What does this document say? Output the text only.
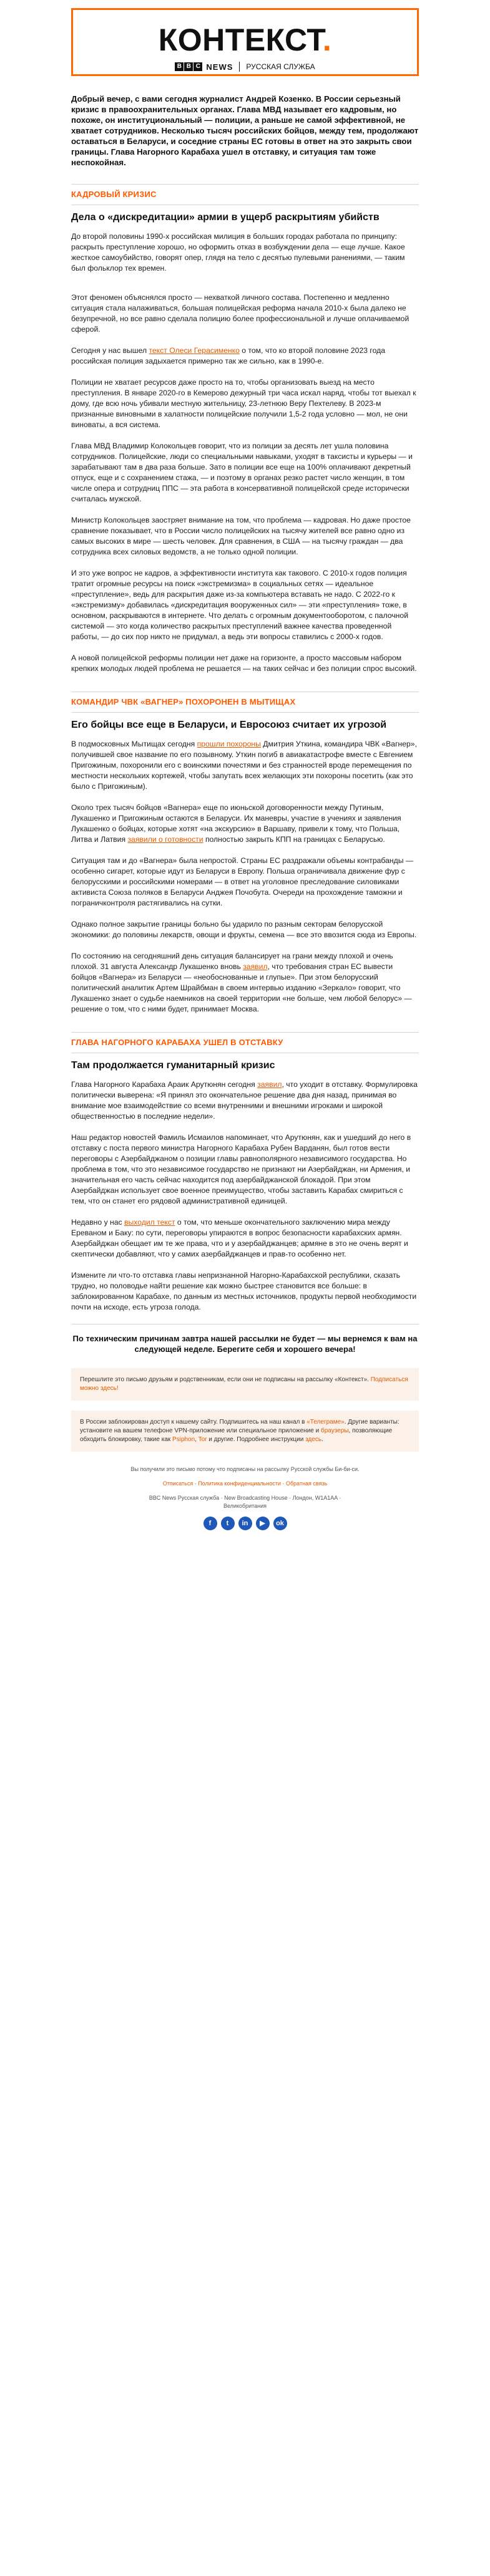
КОНТЕКСТ.
B B C NEWS РУССКАЯ СЛУЖБА
Добрый вечер, с вами сегодня журналист Андрей Козенко. В России серьезный кризис в правоохранительных органах. Глава МВД называет его кадровым, но похоже, он институциональный — полиции, а раньше не самой эффективной, не хватает сотрудников. Несколько тысяч российских бойцов, между тем, продолжают оставаться в Беларуси, и соседние страны ЕС готовы в ответ на это закрыть свои границы. Глава Нагорного Карабаха ушел в отставку, и ситуация там тоже неспокойная.
КАДРОВЫЙ КРИЗИС
Дела о «дискредитации» армии в ущерб раскрытиям убийств
До второй половины 1990-х российская милиция в больших городах работала по принципу: раскрыть преступление хорошо, но оформить отказ в возбуждении дела — еще лучше. Какое жесткое самоубийство, говорят опер, глядя на тело с десятью пулевыми ранениями, — таким был фольклор тех времен.
Этот феномен объяснялся просто — нехваткой личного состава. Постепенно и медленно ситуация стала налаживаться, большая полицейская реформа начала 2010-х была далеко не безупречной, но все равно сделала полицию более профессиональной и лучше оплачиваемой сферой.
Сегодня у нас вышел текст Олеси Герасименко о том, что ко второй половине 2023 года российская полиция задыхается примерно так же сильно, как в 1990-е.
Полиции не хватает ресурсов даже просто на то, чтобы организовать выезд на место преступления. В январе 2020-го в Кемерово дежурный три часа искал наряд, чтобы тот выехал к дому, где всю ночь убивали местную жительницу, 23-летнюю Веру Пехтелеву. В 2023-м признанные виновными в халатности полицейские получили 1,5-2 года условно — мол, не они виноваты, а вся система.
Глава МВД Владимир Колокольцев говорит, что из полиции за десять лет ушла половина сотрудников. Полицейские, люди со специальными навыками, уходят в таксисты и курьеры — и зарабатывают там в два раза больше. Зато в полиции все еще на 100% оплачивают декретный отпуск, еще и с сохранением стажа, — и поэтому в органах резко растет число женщин, в том числе опера и сотрудниц ППС — эта работа в консервативной полицейской среде исторически считалась мужской.
Министр Колокольцев заостряет внимание на том, что проблема — кадровая. Но даже простое сравнение показывает, что в России число полицейских на тысячу жителей все равно одно из самых высоких в мире — шесть человек. Для сравнения, в США — на тысячу граждан — два сотрудника всех силовых ведомств, а не только одной полиции.
И это уже вопрос не кадров, а эффективности института как такового. С 2010-х годов полиция тратит огромные ресурсы на поиск «экстремизма» в социальных сетях — идеальное «преступление», ведь для раскрытия даже из-за компьютера вставать не надо. С 2022-го к «экстремизму» добавилась «дискредитация вооруженных сил» — эти «преступления» тоже, в основном, раскрываются в интернете. Что делать с огромным документооборотом, с палочной системой — это когда количество раскрытых преступлений важнее качества проведенной работы, — до сих пор никто не придумал, а ведь эти вопросы ставились с 2000-х годов.
А новой полицейской реформы полиции нет даже на горизонте, а просто массовым набором крепких молодых людей проблема не решается — на таких сейчас и без полиции спрос высокий.
КОМАНДИР ЧВК «ВАГНЕР» ПОХОРОНЕН В МЫТИЩАХ
Его бойцы все еще в Беларуси, и Евросоюз считает их угрозой
В подмосковных Мытищах сегодня прошли похороны Дмитрия Уткина, командира ЧВК «Вагнер», получившей свое название по его позывному. Уткин погиб в авиакатастрофе вместе с Евгением Пригожиным, похоронили его с воинскими почестями и без странностей вроде перемещения по местности нескольких кортежей, чтобы запутать всех желающих эти похороны посетить (как это было с Пригожиным).
Около трех тысяч бойцов «Вагнера» еще по июньской договоренности между Путиным, Лукашенко и Пригожиным остаются в Беларуси. Их маневры, участие в учениях и заявления Лукашенко о бойцах, которые хотят «на экскурсию» в Варшаву, привели к тому, что Польша, Литва и Латвия заявили о готовности полностью закрыть КПП на границах с Беларусью.
Ситуация там и до «Вагнера» была непростой. Страны ЕС раздражали объемы контрабанды — особенно сигарет, которые идут из Беларуси в Европу. Польша ограничивала движение фур с белорусскими и российскими номерами — в ответ на уголовное преследование силовиками активиста Союза поляков в Беларуси Анджея Почобута. Очереди на прохождение таможни и пограничконтроля растягивались на сутки.
Однако полное закрытие границы больно бы ударило по разным секторам белорусской экономики: до половины лекарств, овощи и фрукты, семена — все это ввозится сюда из Европы.
По состоянию на сегодняшний день ситуация балансирует на грани между плохой и очень плохой. 31 августа Александр Лукашенко вновь заявил, что требования стран ЕС вывести бойцов «Вагнера» из Беларуси — «необоснованные и глупые». При этом белорусский политический аналитик Артем Шрайбман в своем интервью изданию «Зеркало» говорит, что Лукашенко знает о судьбе наемников на своей территории «не больше, чем любой белорус» — решение о том, что с ними будет, принимает Москва.
ГЛАВА НАГОРНОГО КАРАБАХА УШЕЛ В ОТСТАВКУ
Там продолжается гуманитарный кризис
Глава Нагорного Карабаха Араик Арутюнян сегодня заявил, что уходит в отставку. Формулировка политически выверена: «Я принял это окончательное решение два дня назад, принимая во внимание мое взаимодействие со всеми внутренними и внешними игроками и широкой общественностью в последние недели».
Наш редактор новостей Фамиль Исмаилов напоминает, что Арутюнян, как и ушедший до него в отставку с поста первого министра Нагорного Карабаха Рубен Варданян, был готов вести переговоры с Азербайджаном о позиции главы равнополярного независимого государства. Но проблема в том, что это независимое государство не признают ни Азербайджан, ни Армения, и значительная его часть сейчас находится под азербайджанской блокадой. При этом Азербайджан использует свое военное преимущество, чтобы заставить Карабах смириться с тем, что он станет его рядовой административной единицей.
Недавно у нас выходил текст о том, что меньше окончательного заключению мира между Ереваном и Баку: по сути, переговоры упираются в вопрос безопасности карабахских армян. Азербайджан обещает им те же права, что и у азербайджанцев; армяне в это не очень верят и скептически добавляют, что у самих азербайджанцев и прав-то особенно нет.
Измените ли что-то отставка главы непризнанной Нагорно-Карабахской республики, сказать трудно, но половодье найти решение как можно быстрее становится все больше: в заблокированном Карабахе, по данным из местных источников, продукты первой необходимости почти на исходе, есть угроза голода.
По техническим причинам завтра нашей рассылки не будет — мы вернемся к вам на следующей неделе. Берегите себя и хорошего вечера!
Перешлите это письмо друзьям и родственникам, если они не подписаны на рассылку «Контекст». Подписаться можно здесь!
В России заблокирован доступ к нашему сайту. Подпишитесь на наш канал в «Телеграме». Другие варианты: установите на вашем телефоне VPN-приложение или специальное приложение и браузеры, позволяющие обходить блокировку, такие как Psiphon, Tor и другие. Подробнее инструкции здесь.
Вы получили это письмо потому что подписаны на рассылку Русской службы Би-би-си.
Отписаться · Политика конфиденциальности · Обратная связь
BBC News Русская служба · New Broadcasting House · Лондон, W1A1AA · Великобритания
f	t	in	▶	ok
